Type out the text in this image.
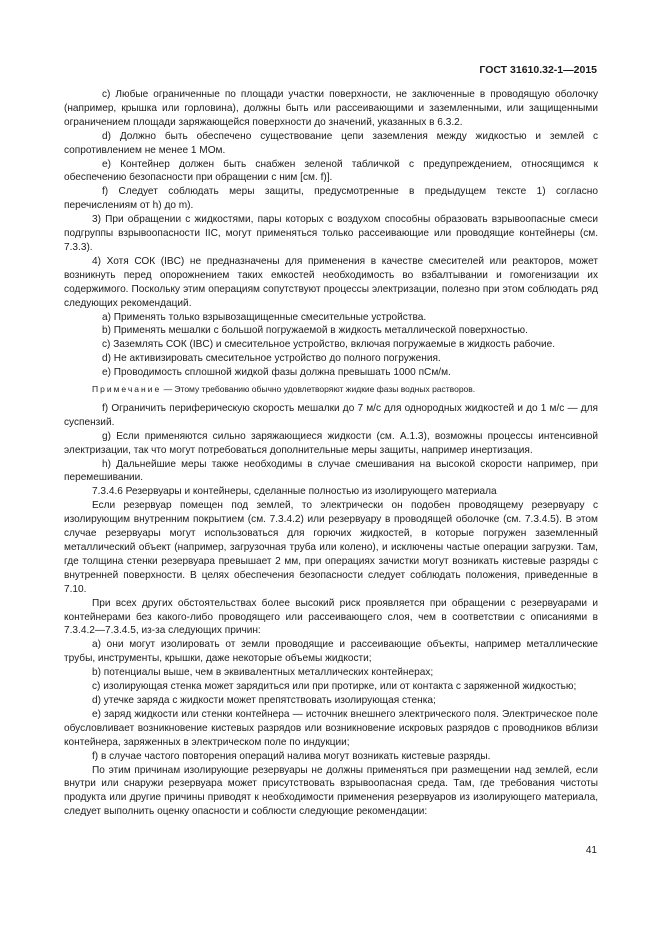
ГОСТ 31610.32-1—2015

c) Любые ограниченные по площади участки поверхности, не заключенные в проводящую оболочку (например, крышка или горловина), должны быть или рассеивающими и заземленными, или защищенными ограничением площади заряжающейся поверхности до значений, указанных в 6.3.2.

d) Должно быть обеспечено существование цепи заземления между жидкостью и землей с сопротивлением не менее 1 МОм.

e) Контейнер должен быть снабжен зеленой табличкой с предупреждением, относящимся к обеспечению безопасности при обращении с ним [см. f)].

f) Следует соблюдать меры защиты, предусмотренные в предыдущем тексте 1) согласно перечислениям от h) до m).

3) При обращении с жидкостями, пары которых с воздухом способны образовать взрывоопасные смеси подгруппы взрывоопасности IIC, могут применяться только рассеивающие или проводящие контейнеры (см. 7.3.3).

4) Хотя СОК (IBC) не предназначены для применения в качестве смесителей или реакторов, может возникнуть перед опорожнением таких емкостей необходимость во взбалтывании и гомогенизации их содержимого. Поскольку этим операциям сопутствуют процессы электризации, полезно при этом соблюдать ряд следующих рекомендаций.

a) Применять только взрывозащищенные смесительные устройства.

b) Применять мешалки с большой погружаемой в жидкость металлической поверхностью.

c) Заземлять СОК (IBC) и смесительное устройство, включая погружаемые в жидкость рабочие.

d) Не активизировать смесительное устройство до полного погружения.

e) Проводимость сплошной жидкой фазы должна превышать 1000 пСм/м.

Примечание — Этому требованию обычно удовлетворяют жидкие фазы водных растворов.

f) Ограничить периферическую скорость мешалки до 7 м/с для однородных жидкостей и до 1 м/с — для суспензий.

g) Если применяются сильно заряжающиеся жидкости (см. А.1.3), возможны процессы интенсивной электризации, так что могут потребоваться дополнительные меры защиты, например инертизация.

h) Дальнейшие меры также необходимы в случае смешивания на высокой скорости например, при перемешивании.

7.3.4.6 Резервуары и контейнеры, сделанные полностью из изолирующего материала

Если резервуар помещен под землей, то электрически он подобен проводящему резервуару с изолирующим внутренним покрытием (см. 7.3.4.2) или резервуару в проводящей оболочке (см. 7.3.4.5). В этом случае резервуары могут использоваться для горючих жидкостей, в которые погружен заземленный металлический объект (например, загрузочная труба или колено), и исключены частые операции загрузки. Там, где толщина стенки резервуара превышает 2 мм, при операциях зачистки могут возникать кистевые разряды с внутренней поверхности. В целях обеспечения безопасности следует соблюдать положения, приведенные в 7.10.

При всех других обстоятельствах более высокий риск проявляется при обращении с резервуарами и контейнерами без какого-либо проводящего или рассеивающего слоя, чем в соответствии с описаниями в 7.3.4.2—7.3.4.5, из-за следующих причин:

a) они могут изолировать от земли проводящие и рассеивающие объекты, например металлические трубы, инструменты, крышки, даже некоторые объемы жидкости;

b) потенциалы выше, чем в эквивалентных металлических контейнерах;

c) изолирующая стенка может зарядиться или при протирке, или от контакта с заряженной жидкостью;

d) утечке заряда с жидкости может препятствовать изолирующая стенка;

e) заряд жидкости или стенки контейнера — источник внешнего электрического поля. Электрическое поле обусловливает возникновение кистевых разрядов или возникновение искровых разрядов с проводников вблизи контейнера, заряженных в электрическом поле по индукции;

f) в случае частого повторения операций налива могут возникать кистевые разряды.

По этим причинам изолирующие резервуары не должны применяться при размещении над землей, если внутри или снаружи резервуара может присутствовать взрывоопасная среда. Там, где требования чистоты продукта или другие причины приводят к необходимости применения резервуаров из изолирующего материала, следует выполнить оценку опасности и соблюсти следующие рекомендации:

41
